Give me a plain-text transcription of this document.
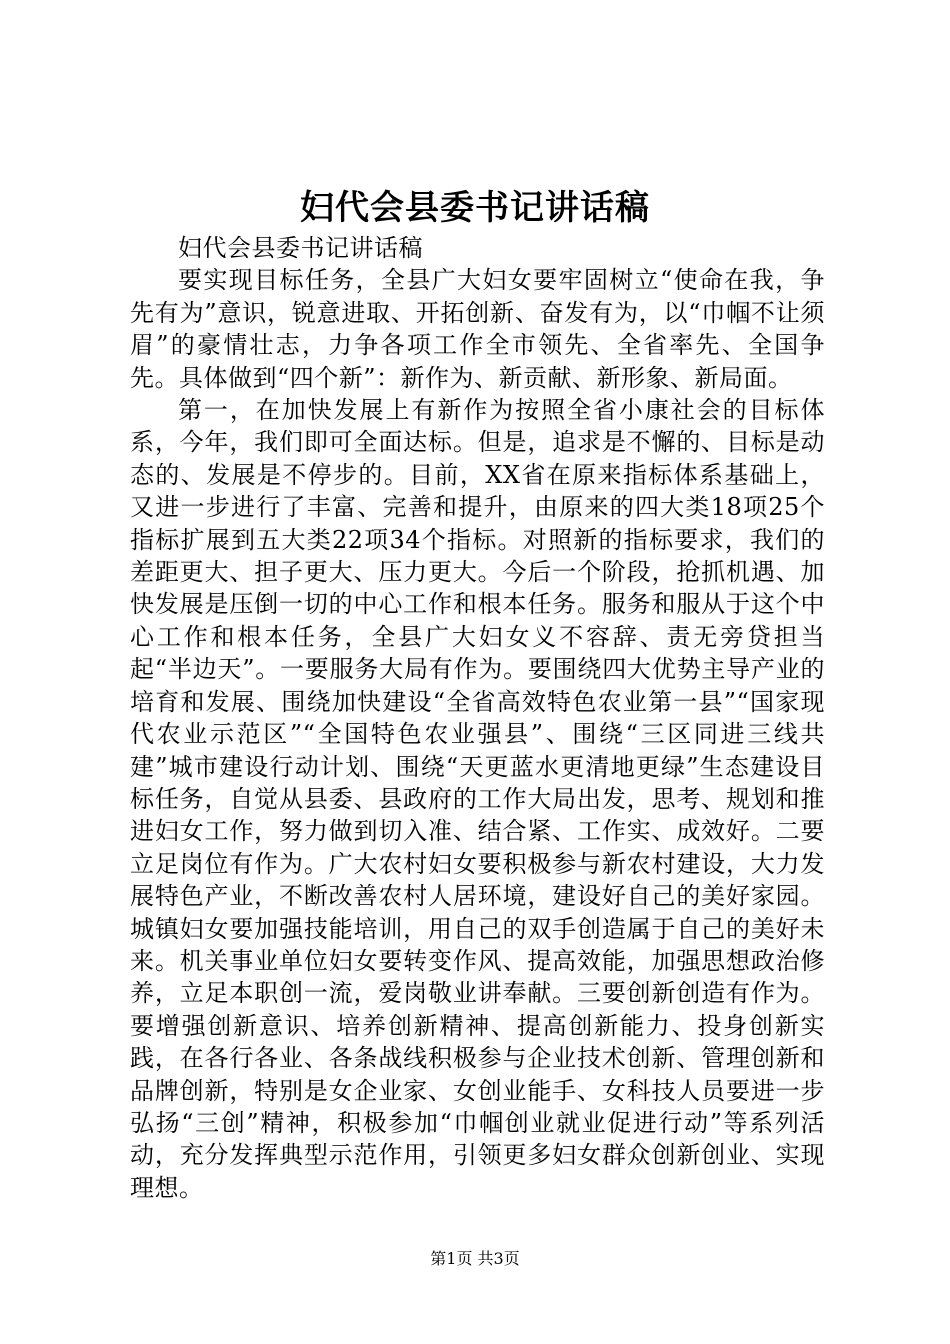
妇代会县委书记讲话稿

妇代会县委书记讲话稿

要实现目标任务，全县广大妇女要牢固树立“使命在我，争先有为”意识，锐意进取、开拓创新、奋发有为，以“巾帼不让须眉”的豪情壮志，力争各项工作全市领先、全省率先、全国争先。具体做到“四个新”：新作为、新贡献、新形象、新局面。

第一，在加快发展上有新作为按照全省小康社会的目标体系，今年，我们即可全面达标。但是，追求是不懈的、目标是动态的、发展是不停步的。目前，XX省在原来指标体系基础上，又进一步进行了丰富、完善和提升，由原来的四大类18项25个指标扩展到五大类22项34个指标。对照新的指标要求，我们的差距更大、担子更大、压力更大。今后一个阶段，抢抓机遇、加快发展是压倒一切的中心工作和根本任务。服务和服从于这个中心工作和根本任务，全县广大妇女义不容辞、责无旁贷担当起“半边天”。一要服务大局有作为。要围绕四大优势主导产业的培育和发展、围绕加快建设“全省高效特色农业第一县”“国家现代农业示范区”“全国特色农业强县”、围绕“三区同进三线共建”城市建设行动计划、围绕“天更蓝水更清地更绿”生态建设目标任务，自觉从县委、县政府的工作大局出发，思考、规划和推进妇女工作，努力做到切入准、结合紧、工作实、成效好。二要立足岗位有作为。广大农村妇女要积极参与新农村建设，大力发展特色产业，不断改善农村人居环境，建设好自己的美好家园。城镇妇女要加强技能培训，用自己的双手创造属于自己的美好未来。机关事业单位妇女要转变作风、提高效能，加强思想政治修养，立足本职创一流，爱岗敬业讲奉献。三要创新创造有作为。要增强创新意识、培养创新精神、提高创新能力、投身创新实践，在各行各业、各条战线积极参与企业技术创新、管理创新和品牌创新，特别是女企业家、女创业能手、女科技人员要进一步弘扬“三创”精神，积极参加“巾帼创业就业促进行动”等系列活动，充分发挥典型示范作用，引领更多妇女群众创新创业、实现理想。

第1页 共3页
